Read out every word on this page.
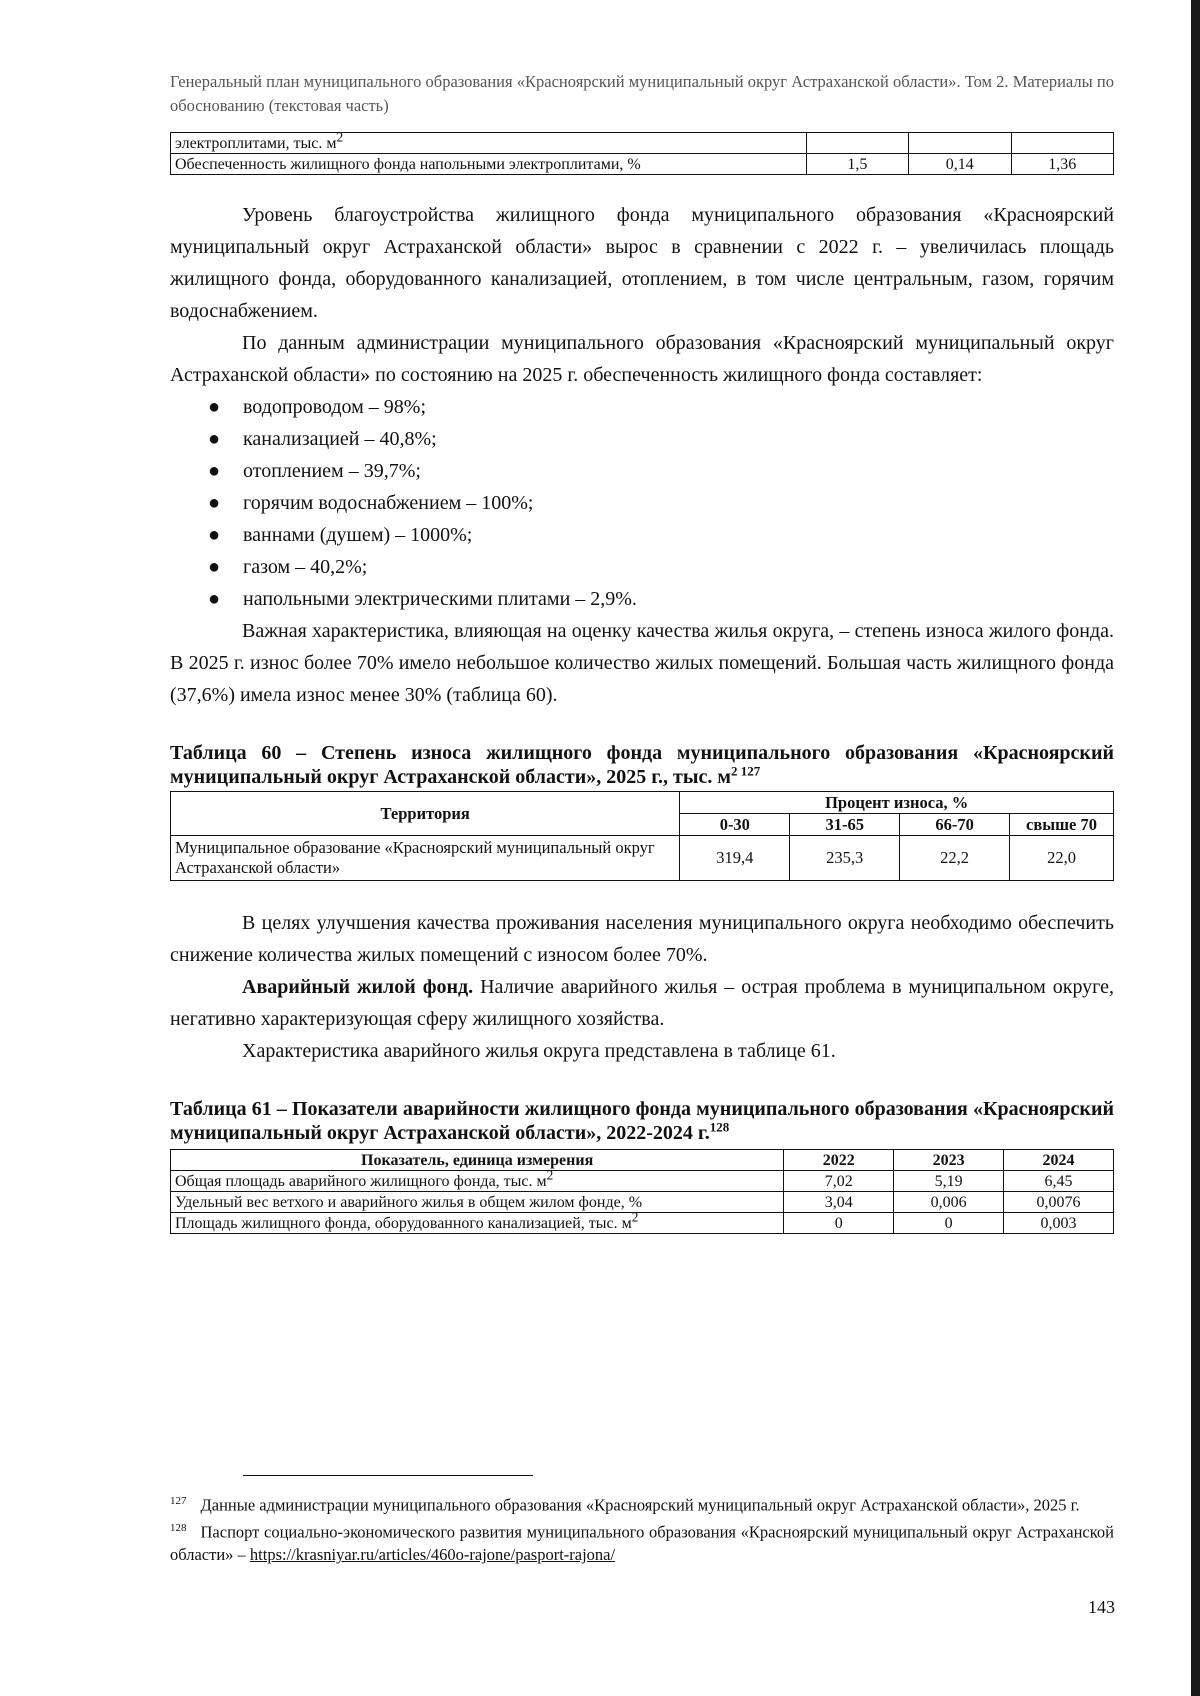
Генеральный план муниципального образования «Красноярский муниципальный округ Астраханской области». Том 2. Материалы по обоснованию (текстовая часть)
электроплитами, тыс. $м^2$			
Обеспеченность жилищного фонда напольными электроплитами, %	1,5	0,14	1,36

Уровень благоустройства жилищного фонда муниципального образования «Красноярский муниципальный округ Астраханской области» вырос в сравнении с 2022 г. – увеличилась площадь жилищного фонда, оборудованного канализацией, отоплением, в том числе центральным, газом, горячим водоснабжением.

По данным администрации муниципального образования «Красноярский муниципальный округ Астраханской области» по состоянию на 2025 г. обеспеченность жилищного фонда составляет:

● водопроводом – 98%;
● канализацией – 40,8%;
● отоплением – 39,7%;
● горячим водоснабжением – 100%;
● ваннами (душем) – 1000%;
● газом – 40,2%;
● напольными электрическими плитами – 2,9%.

Важная характеристика, влияющая на оценку качества жилья округа, – степень износа жилого фонда. В 2025 г. износ более 70% имело небольшое количество жилых помещений. Большая часть жилищного фонда (37,6%) имела износ менее 30% (таблица 60).

Таблица 60 – Степень износа жилищного фонда муниципального образования «Красноярский муниципальный округ Астраханской области», 2025 г., тыс. $м^{2 127}$

Территория	Процент износа, %			
	0-30	31-65	66-70	свыше 70
Муниципальное образование «Красноярский муниципальный округ Астраханской области»	319,4	235,3	22,2	22,0

В целях улучшения качества проживания населения муниципального округа необходимо обеспечить снижение количества жилых помещений с износом более 70%.

Аварийный жилой фонд. Наличие аварийного жилья – острая проблема в муниципальном округе, негативно характеризующая сферу жилищного хозяйства.

Характеристика аварийного жилья округа представлена в таблице 61.

Таблица 61 – Показатели аварийности жилищного фонда муниципального образования «Красноярский муниципальный округ Астраханской области», 2022-2024 г.$^{128}$

Показатель, единица измерения	2022	2023	2024
Общая площадь аварийного жилищного фонда, тыс. $м^2$	7,02	5,19	6,45
Удельный вес ветхого и аварийного жилья в общем жилом фонде, %	3,04	0,006	0,0076
Площадь жилищного фонда, оборудованного канализацией, тыс. $м^2$	0	0	0,003

$^{127}$ Данные администрации муниципального образования «Красноярский муниципальный округ Астраханской области», 2025 г.

$^{128}$ Паспорт социально-экономического развития муниципального образования «Красноярский муниципальный округ Астраханской области» – https://krasniyar.ru/articles/460o-rajone/pasport-rajona/

143
